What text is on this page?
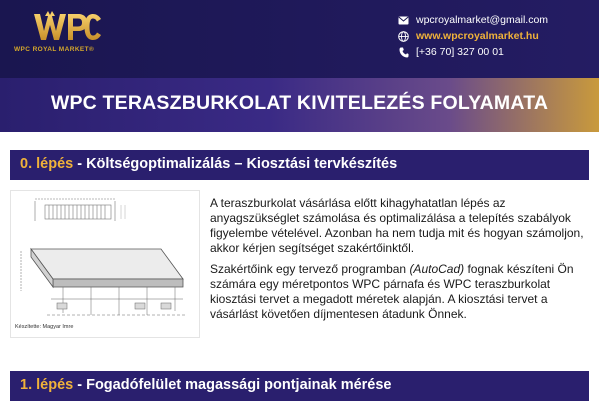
WPC ROYAL MARKET®
wpcroyalmarket@gmail.com
www.wpcroyalmarket.hu
[+36 70] 327 00 01
WPC TERASZBURKOLAT KIVITELEZÉS FOLYAMATA
0. lépés - Költségoptimalizálás – Kiosztási tervkészítés
Készítette: Magyar Imre
A teraszburkolat vásárlása előtt kihagyhatatlan lépés az anyagszükséglet számolása és optimalizálása a telepítés szabályok figyelembe vételével. Azonban ha nem tudja mit és hogyan számoljon, akkor kérjen segítséget szakértőinktől.
Szakértőink egy tervező programban (AutoCad) fognak készíteni Ön számára egy méretpontos WPC párnafa és WPC teraszburkolat kiosztási tervet a megadott méretek alapján. A kiosztási tervet a vásárlást követően díjmentesen átadunk Önnek.
1. lépés - Fogadófelület magassági pontjainak mérése
